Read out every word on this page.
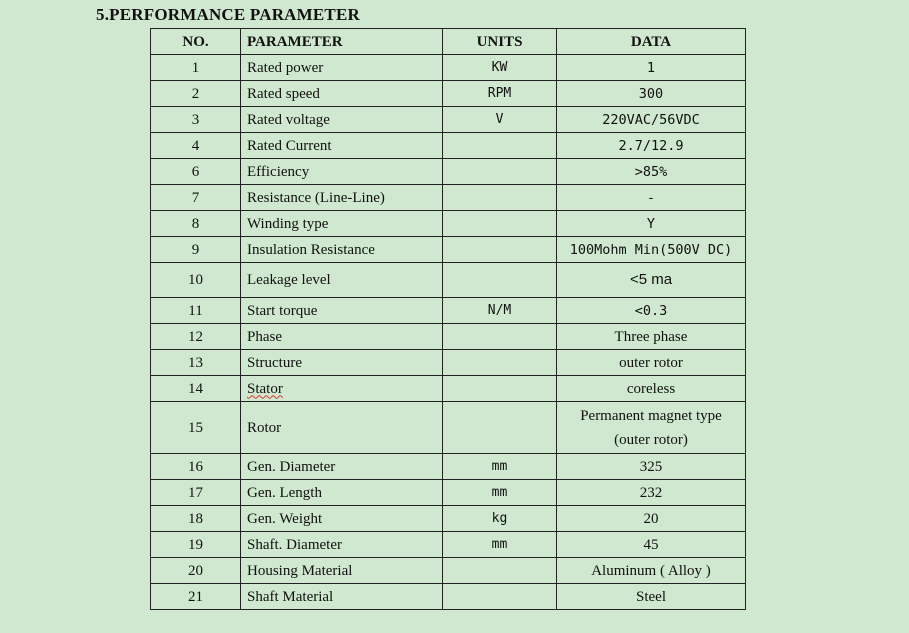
5.PERFORMANCE PARAMETER
NO.	PARAMETER	UNITS	DATA
1	Rated power	KW	1
2	Rated speed	RPM	300
3	Rated voltage	V	220VAC/56VDC
4	Rated Current		2.7/12.9
6	Efficiency		>85%
7	Resistance (Line-Line)		-
8	Winding type		Y
9	Insulation Resistance		100Mohm Min(500V DC)
10	Leakage level		<5 ma
11	Start torque	N/M	<0.3
12	Phase		Three phase
13	Structure		outer rotor
14	Stator		coreless
15	Rotor		Permanent magnet type
(outer rotor)

16	Gen. Diameter	mm	325
17	Gen. Length	mm	232
18	Gen. Weight	kg	20
19	Shaft. Diameter	mm	45
20	Housing Material		Aluminum ( Alloy )
21	Shaft Material		Steel
